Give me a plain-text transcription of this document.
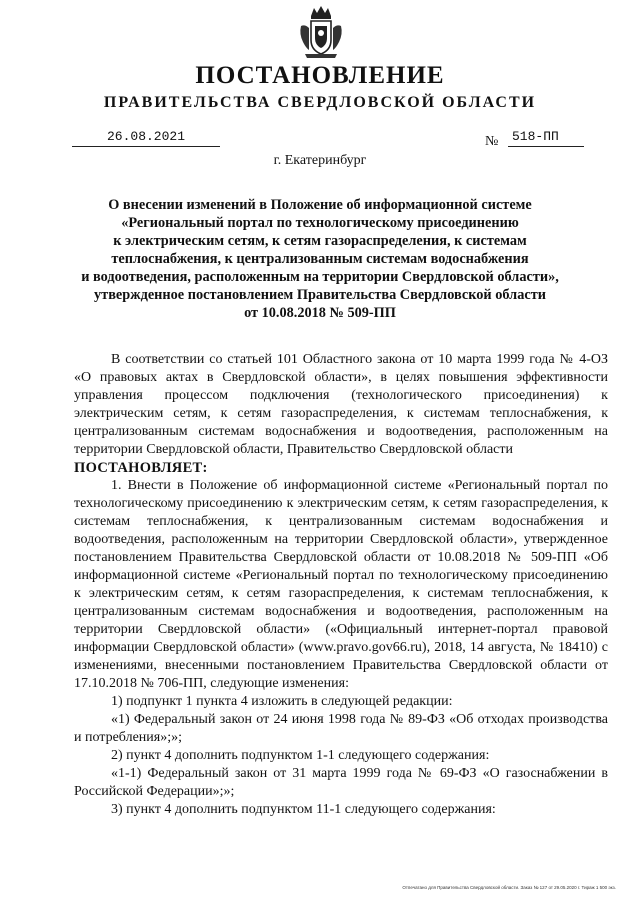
ПОСТАНОВЛЕНИЕ
ПРАВИТЕЛЬСТВА СВЕРДЛОВСКОЙ ОБЛАСТИ
26.08.2021	№	518-ПП
г. Екатеринбург
О внесении изменений в Положение об информационной системе
«Региональный портал по технологическому присоединению
к электрическим сетям, к сетям газораспределения, к системам
теплоснабжения, к централизованным системам водоснабжения
и водоотведения, расположенным на территории Свердловской области»,
утвержденное постановлением Правительства Свердловской области
от 10.08.2018 № 509-ПП

В соответствии со статьей 101 Областного закона от 10 марта 1999 года № 4-ОЗ «О правовых актах в Свердловской области», в целях повышения эффективности управления процессом подключения (технологического присоединения) к электрическим сетям, к сетям газораспределения, к системам теплоснабжения, к централизованным системам водоснабжения и водоотведения, расположенным на территории Свердловской области, Правительство Свердловской области

ПОСТАНОВЛЯЕТ:

1. Внести в Положение об информационной системе «Региональный портал по технологическому присоединению к электрическим сетям, к сетям газораспределения, к системам теплоснабжения, к централизованным системам водоснабжения и водоотведения, расположенным на территории Свердловской области», утвержденное постановлением Правительства Свердловской области от 10.08.2018 № 509-ПП «Об информационной системе «Региональный портал по технологическому присоединению к электрическим сетям, к сетям газораспределения, к системам теплоснабжения, к централизованным системам водоснабжения и водоотведения, расположенным на территории Свердловской области» («Официальный интернет-портал правовой информации Свердловской области» (www.pravo.gov66.ru), 2018, 14 августа, № 18410) с изменениями, внесенными постановлением Правительства Свердловской области от 17.10.2018 № 706-ПП, следующие изменения:

1) подпункт 1 пункта 4 изложить в следующей редакции:

«1) Федеральный закон от 24 июня 1998 года № 89-ФЗ «Об отходах производства и потребления»;»;

2) пункт 4 дополнить подпунктом 1-1 следующего содержания:

«1-1) Федеральный закон от 31 марта 1999 года № 69-ФЗ «О газоснабжении в Российской Федерации»;»;

3) пункт 4 дополнить подпунктом 11-1 следующего содержания:

Отпечатано для Правительства Свердловской области. Заказ № 127 от 29.05.2020 г. Тираж 1 500 экз.
